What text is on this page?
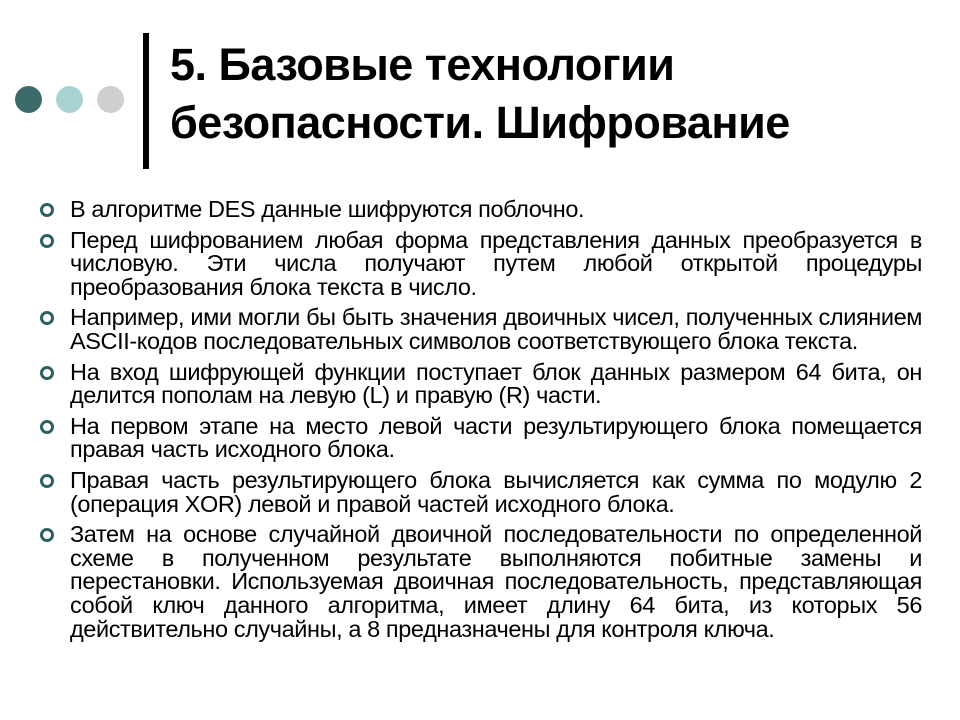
5. Базовые технологии
безопасности. Шифрование
В алгоритме DES данные шифруются поблочно.
Перед шифрованием любая форма представления данных преобразуется в числовую. Эти числа получают путем любой открытой процедуры преобразования блока текста в число.
Например, ими могли бы быть значения двоичных чисел, полученных слиянием ASCII-кодов последовательных символов соответствующего блока текста.
На вход шифрующей функции поступает блок данных размером 64 бита, он делится пополам на левую (L) и правую (R) части.
На первом этапе на место левой части результирующего блока помещается правая часть исходного блока.
Правая часть результирующего блока вычисляется как сумма по модулю 2 (операция XOR) левой и правой частей исходного блока.
Затем на основе случайной двоичной последовательности по определенной схеме в полученном результате выполняются побитные замены и перестановки. Используемая двоичная последовательность, представляющая собой ключ данного алгоритма, имеет длину 64 бита, из которых 56 действительно случайны, а 8 предназначены для контроля ключа.
